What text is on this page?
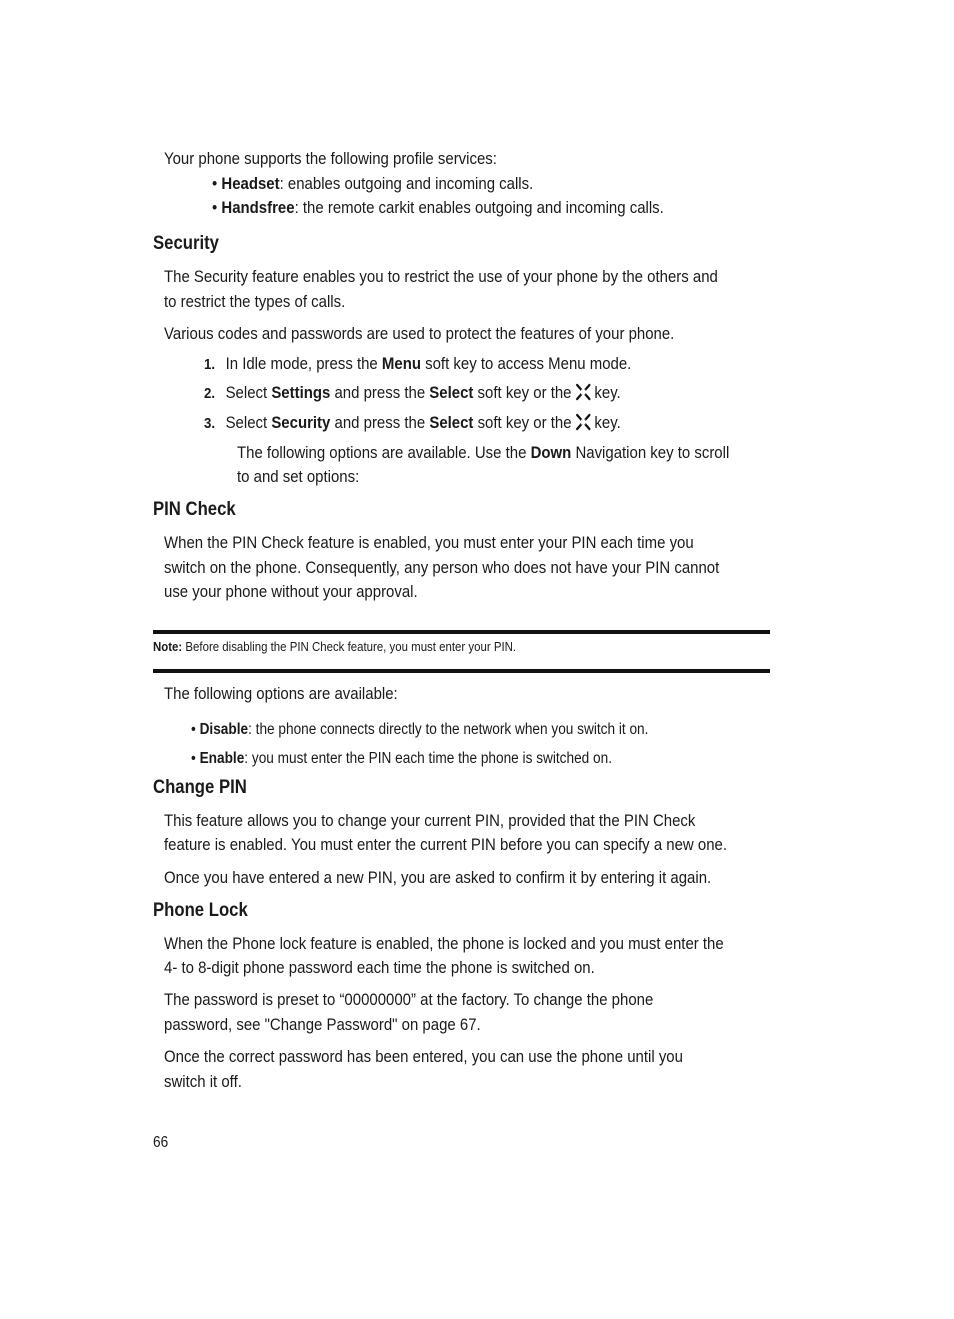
Your phone supports the following profile services:
• Headset: enables outgoing and incoming calls.
• Handsfree: the remote carkit enables outgoing and incoming calls.
Security
The Security feature enables you to restrict the use of your phone by the others and
to restrict the types of calls.
Various codes and passwords are used to protect the features of your phone.
1. In Idle mode, press the Menu soft key to access Menu mode.
2. Select Settings and press the Select soft key or the key.
3. Select Security and press the Select soft key or the key.
The following options are available. Use the Down Navigation key to scroll
to and set options:
PIN Check
When the PIN Check feature is enabled, you must enter your PIN each time you
switch on the phone. Consequently, any person who does not have your PIN cannot
use your phone without your approval.
Note: Before disabling the PIN Check feature, you must enter your PIN.
The following options are available:
• Disable: the phone connects directly to the network when you switch it on.
• Enable: you must enter the PIN each time the phone is switched on.
Change PIN
This feature allows you to change your current PIN, provided that the PIN Check
feature is enabled. You must enter the current PIN before you can specify a new one.
Once you have entered a new PIN, you are asked to confirm it by entering it again.
Phone Lock
When the Phone lock feature is enabled, the phone is locked and you must enter the
4- to 8-digit phone password each time the phone is switched on.
The password is preset to “00000000” at the factory. To change the phone
password, see "Change Password" on page 67.
Once the correct password has been entered, you can use the phone until you
switch it off.
66
